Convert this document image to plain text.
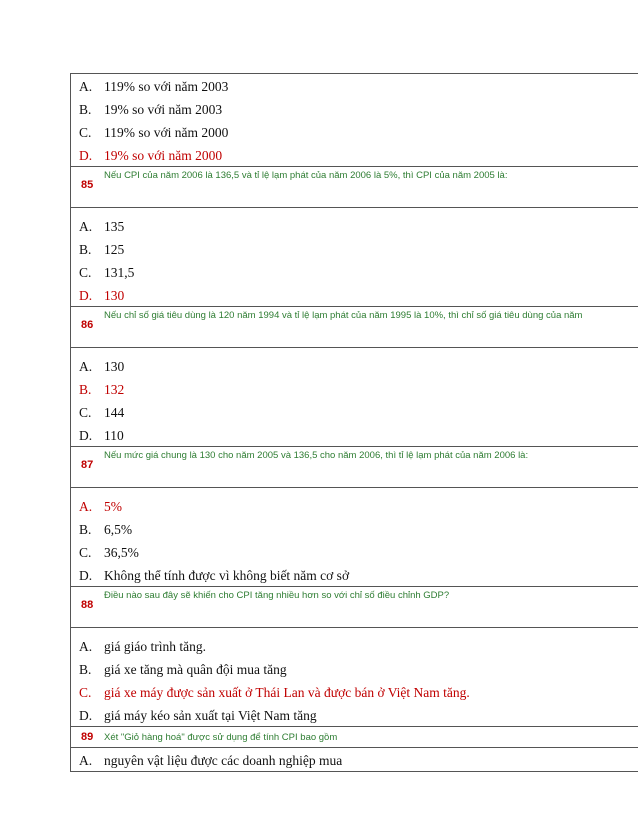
A. 119% so với năm 2003
B. 19% so với năm 2003
C. 119% so với năm 2000
D. 19% so với năm 2000
85
Nếu CPI của năm 2006 là 136,5 và tỉ lệ lạm phát của năm 2006 là 5%, thì CPI của năm 2005 là:
A. 135
B. 125
C. 131,5
D. 130
86
Nếu chỉ số giá tiêu dùng là 120 năm 1994 và tỉ lệ lạm phát của năm 1995 là 10%, thì chỉ số giá tiêu dùng của năm
A. 130
B. 132
C. 144
D. 110
87
Nếu mức giá chung là 130 cho năm 2005 và 136,5 cho năm 2006, thì tỉ lệ lạm phát của năm 2006 là:
A. 5%
B. 6,5%
C. 36,5%
D. Không thể tính được vì không biết năm cơ sở
88
Điều nào sau đây sẽ khiến cho CPI tăng nhiều hơn so với chỉ số điều chỉnh GDP?
A. giá giáo trình tăng.
B. giá xe tăng mà quân đội mua tăng
C. giá xe máy được sản xuất ở Thái Lan và được bán ở Việt Nam tăng.
D. giá máy kéo sản xuất tại Việt Nam tăng
89 Xét "Giỏ hàng hoá" được sử dụng để tính CPI bao gồm
A. nguyên vật liệu được các doanh nghiệp mua
